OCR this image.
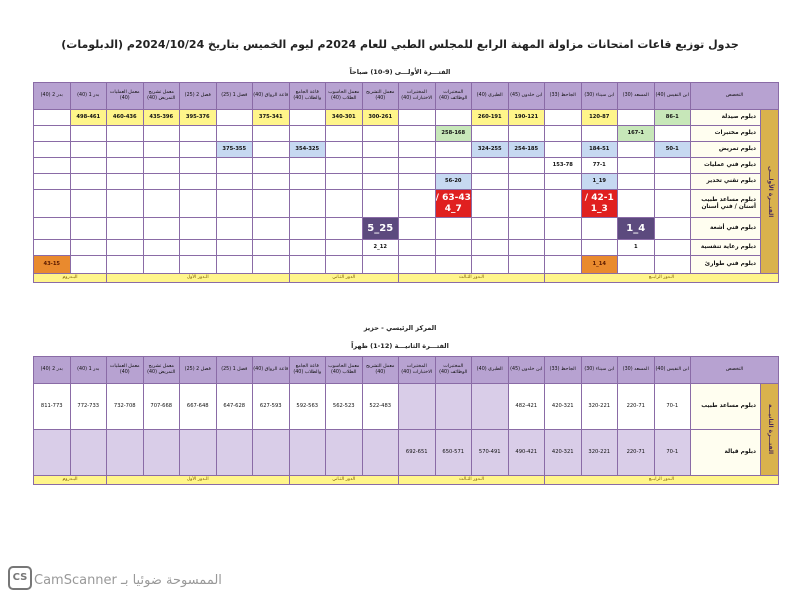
جدول توزيع قاعات امتحانات مزاولة المهنة الرابع للمجلس الطبي للعام 2024م ليوم الخميس بتاريخ 2024/10/24م (الدبلومات)
الفتـــرة الأولـــى (9-10) صباحاً
التخصص		ابن النفيس (40)	المسعد (30)	ابن سيناء (30)	الجاحظ (33)	ابن خلدون (45)	الطبري (40)	المختبرات الوظائف (40)	المختبرات الاختبارات (40)	معمل التشريح (40)	معمل الحاسوب الطلاب (40)	قاعة الجامع والطلاب (40)	قاعة الرواق (40)	فصل 1 (25)	فصل 2 (25)	معمل تشريح التمريض (40)	معمل العمليات (40)	بدر 1 (40)	بدر 2 (40)
الفتـــرة الأولـــى	دبلوم صيدلة	86-1		120-87		190-121	260-191			300-261	340-301		375-341		395-376	435-396	460-436	498-461	
	دبلوم مختبرات		167-1					258-168											
	دبلوم تمريض	50-1		184-51		254-185	324-255					354-325		375-355					
	دبلوم فني عمليات			77-1	153-78														
	دبلوم تقني تخدير			19_1				56-20											
	دبلوم مساعد طبيب أسنان / فني أسنان			42-1 / 3_1				63-43 / 7_4											
	دبلوم فني أشعة		4_1							25_5									
	دبلوم رعاية تنفسية		1							12_2									
	دبلوم فني طوارئ			14_1															43-15
الـدور الرابــع						الـدور الثـالث				الدور الثـاني			الـدور الأول					البـدروم	
المركز الرئيسي - حزيز
الفتـــرة الثانيـــة (12-1) ظهراً
التخصص		ابن النفيس (40)	المسعد (30)	ابن سيناء (30)	الجاحظ (33)	ابن خلدون (45)	الطبري (40)	المختبرات الوظائف (40)	المختبرات الاختبارات (40)	معمل التشريح (40)	معمل الحاسوب الطلاب (40)	قاعة الجامع والطلاب (40)	قاعة الرواق (40)	فصل 1 (25)	فصل 2 (25)	معمل تشريح التمريض (40)	معمل العمليات (40)	بدر 1 (40)	بدر 2 (40)
الفتـــرة الثانيـــة	دبلوم مساعد طبيب	70-1	220-71	320-221	420-321	482-421				522-483	562-523	592-563	627-593	647-628	667-648	707-668	732-708	772-733	811-773
	دبلوم قبالة	70-1	220-71	320-221	420-321	490-421	570-491	650-571	692-651										
الـدور الرابــع						الـدور الثـالث				الدور الثـاني			الـدور الأول					البـدروم	
CS الممسوحة ضوئيا بـ CamScanner
